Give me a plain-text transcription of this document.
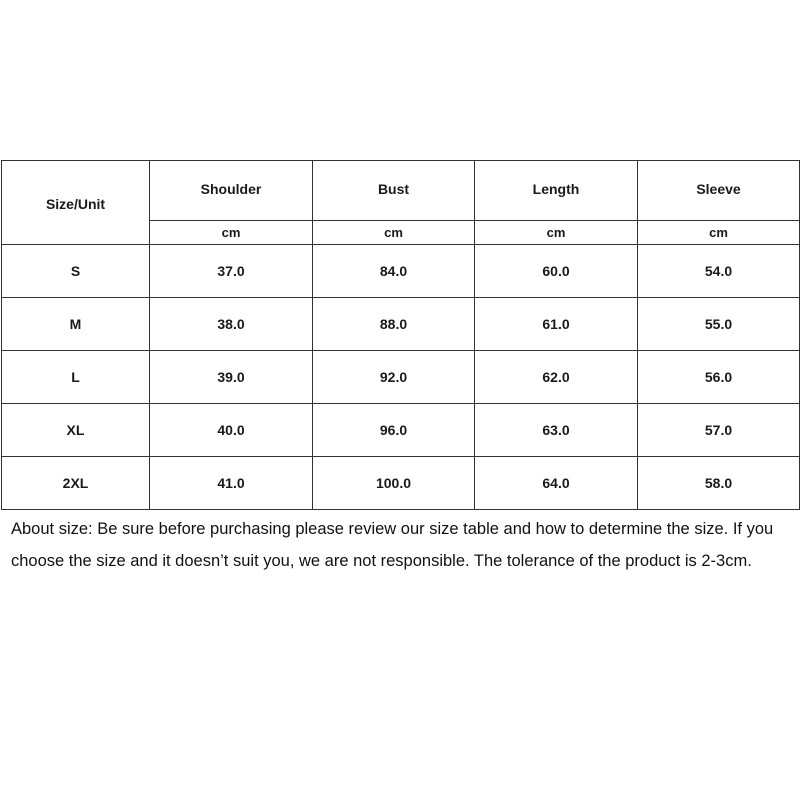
Size/Unit	Shoulder	Bust	Length	Sleeve
	cm	cm	cm	cm
S	37.0	84.0	60.0	54.0
M	38.0	88.0	61.0	55.0
L	39.0	92.0	62.0	56.0
XL	40.0	96.0	63.0	57.0
2XL	41.0	100.0	64.0	58.0

About size: Be sure before purchasing please review our size table and how to determine the size. If you choose the size and it doesn’t suit you, we are not responsible. The tolerance of the product is 2-3cm.
